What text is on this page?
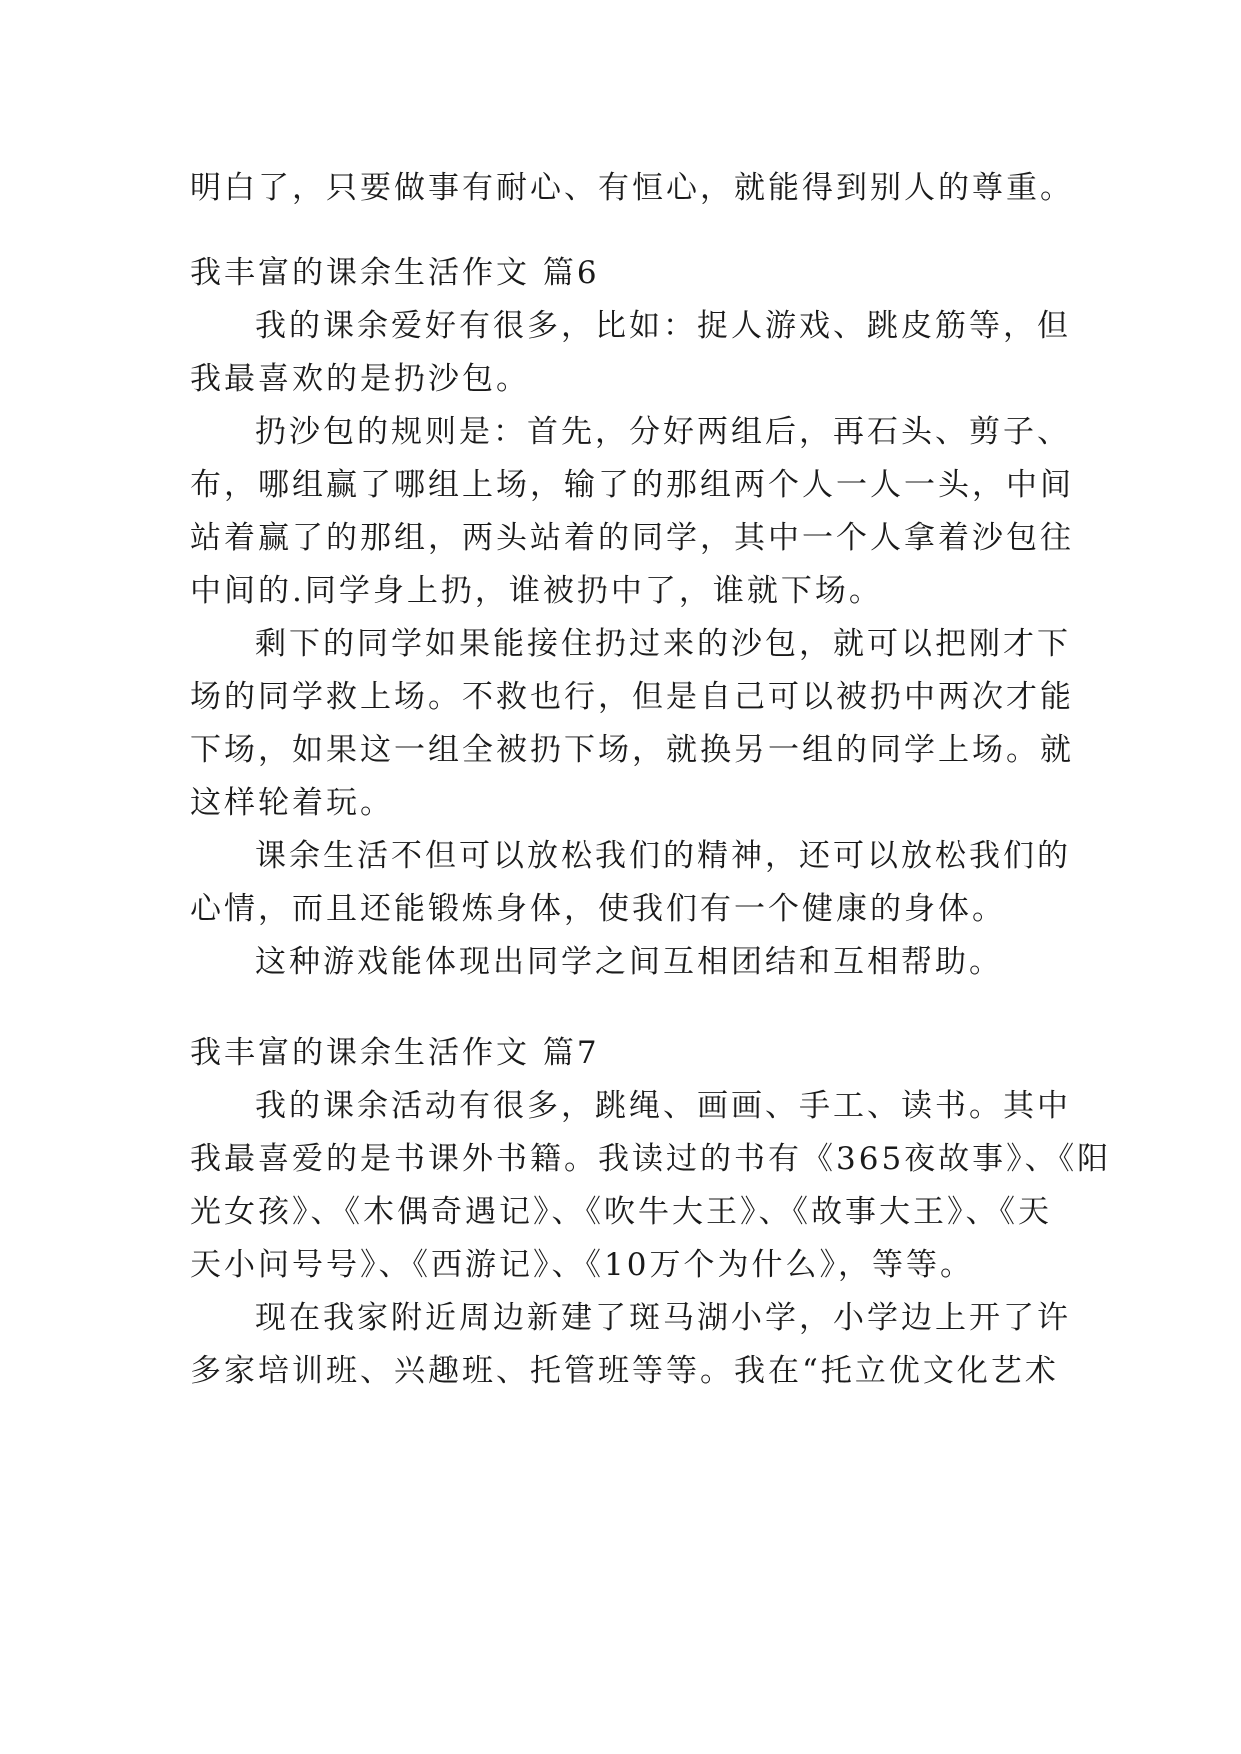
明白了，只要做事有耐心、有恒心，就能得到别人的尊重。
我丰富的课余生活作文 篇6
我的课余爱好有很多，比如：捉人游戏、跳皮筋等，但
我最喜欢的是扔沙包。
扔沙包的规则是：首先，分好两组后，再石头、剪子、
布，哪组赢了哪组上场，输了的那组两个人一人一头，中间
站着赢了的那组，两头站着的同学，其中一个人拿着沙包往
中间的.同学身上扔，谁被扔中了，谁就下场。
剩下的同学如果能接住扔过来的沙包，就可以把刚才下
场的同学救上场。不救也行，但是自己可以被扔中两次才能
下场，如果这一组全被扔下场，就换另一组的同学上场。就
这样轮着玩。
课余生活不但可以放松我们的精神，还可以放松我们的
心情，而且还能锻炼身体，使我们有一个健康的身体。
这种游戏能体现出同学之间互相团结和互相帮助。
我丰富的课余生活作文 篇7
我的课余活动有很多，跳绳、画画、手工、读书。其中
我最喜爱的是书课外书籍。我读过的书有《365夜故事》、《阳
光女孩》、《木偶奇遇记》、《吹牛大王》、《故事大王》、《天
天小问号号》、《西游记》、《10万个为什么》，等等。
现在我家附近周边新建了斑马湖小学，小学边上开了许
多家培训班、兴趣班、托管班等等。我在“托立优文化艺术
